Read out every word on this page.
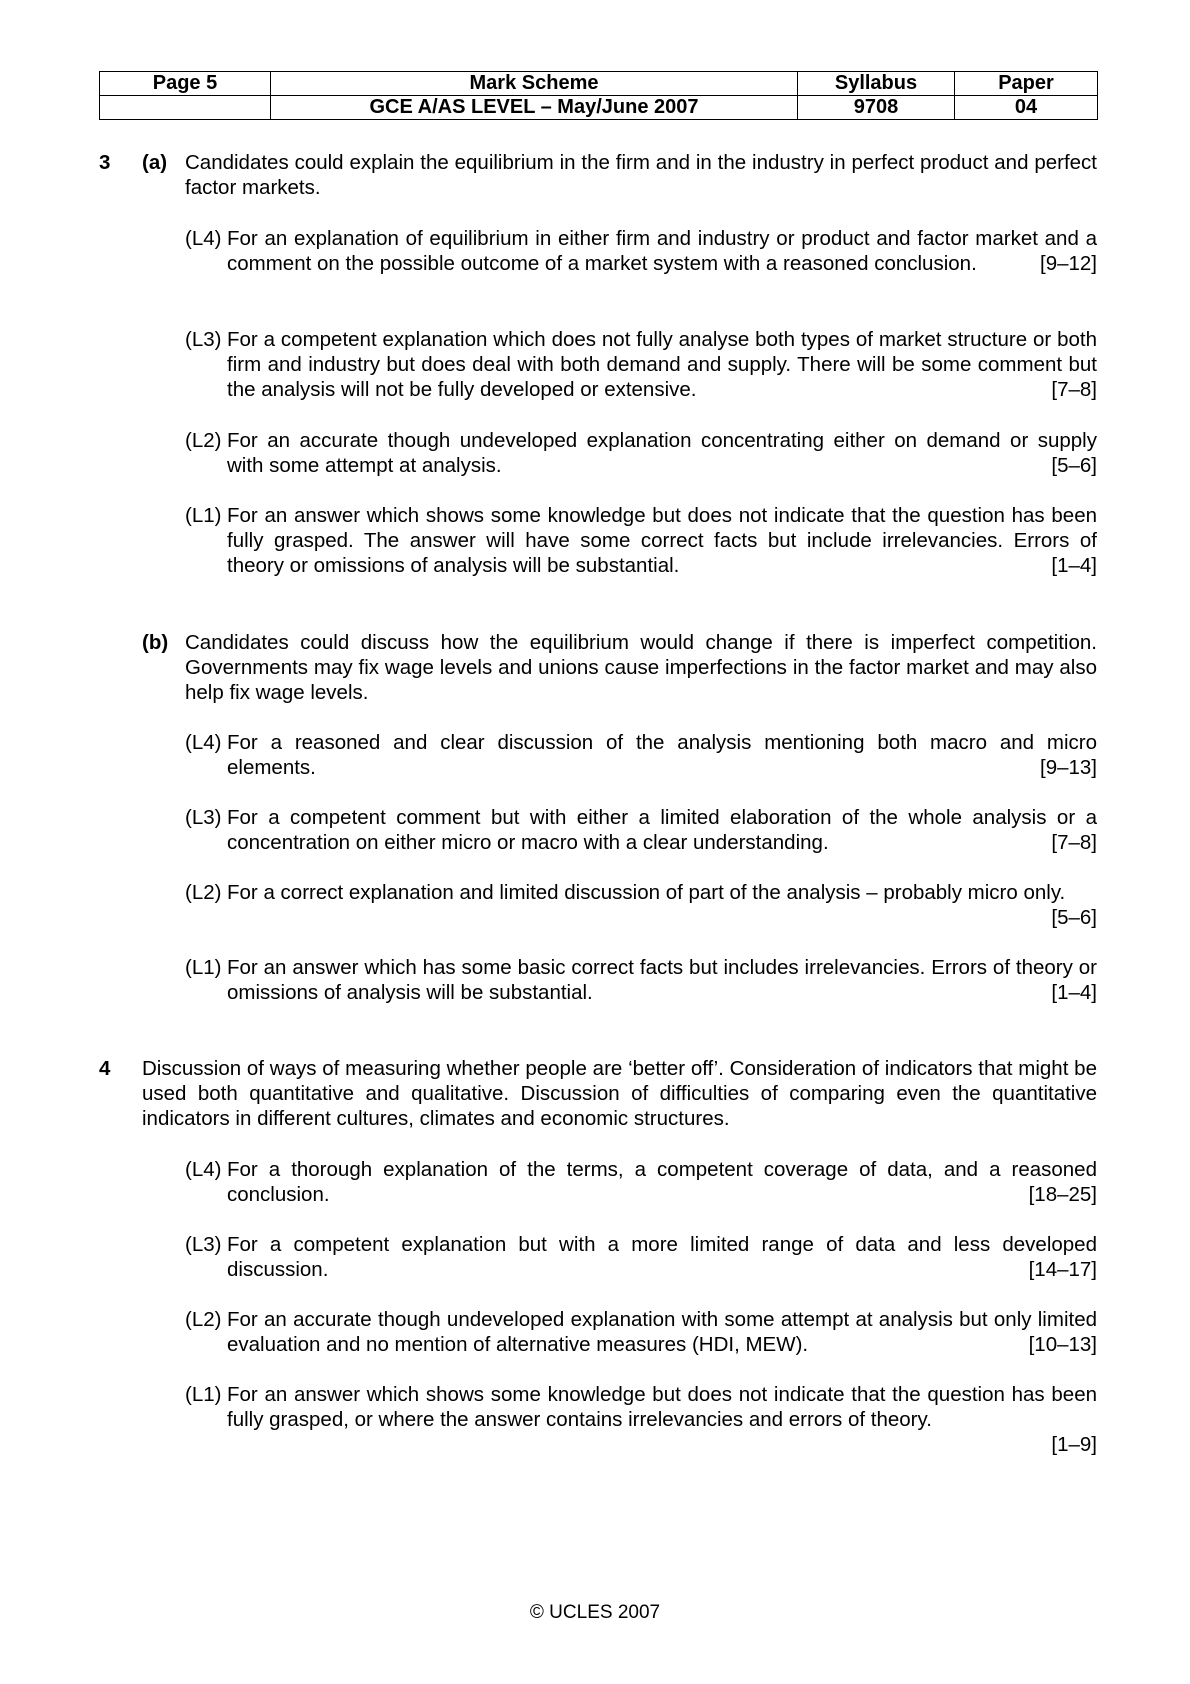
Page 5	Mark Scheme	Syllabus	Paper
	GCE A/AS LEVEL – May/June 2007	9708	04
3 (a) Candidates could explain the equilibrium in the firm and in the industry in perfect product and perfect factor markets.
(L4) For an explanation of equilibrium in either firm and industry or product and factor market and a comment on the possible outcome of a market system with a reasoned conclusion.	[9–12]
(L3) For a competent explanation which does not fully analyse both types of market structure or both firm and industry but does deal with both demand and supply. There will be some comment but the analysis will not be fully developed or extensive.	[7–8]
(L2) For an accurate though undeveloped explanation concentrating either on demand or supply with some attempt at analysis.	[5–6]
(L1) For an answer which shows some knowledge but does not indicate that the question has been fully grasped. The answer will have some correct facts but include irrelevancies. Errors of theory or omissions of analysis will be substantial.	[1–4]
(b) Candidates could discuss how the equilibrium would change if there is imperfect competition. Governments may fix wage levels and unions cause imperfections in the factor market and may also help fix wage levels.
(L4) For a reasoned and clear discussion of the analysis mentioning both macro and micro elements.	[9–13]
(L3) For a competent comment but with either a limited elaboration of the whole analysis or a concentration on either micro or macro with a clear understanding.	[7–8]
(L2) For a correct explanation and limited discussion of part of the analysis – probably micro only.
[5–6]
(L1) For an answer which has some basic correct facts but includes irrelevancies. Errors of theory or omissions of analysis will be substantial.	[1–4]
4 Discussion of ways of measuring whether people are ‘better off’. Consideration of indicators that might be used both quantitative and qualitative. Discussion of difficulties of comparing even the quantitative indicators in different cultures, climates and economic structures.
(L4) For a thorough explanation of the terms, a competent coverage of data, and a reasoned conclusion.	[18–25]
(L3) For a competent explanation but with a more limited range of data and less developed discussion.	[14–17]
(L2) For an accurate though undeveloped explanation with some attempt at analysis but only limited evaluation and no mention of alternative measures (HDI, MEW).	[10–13]
(L1) For an answer which shows some knowledge but does not indicate that the question has been fully grasped, or where the answer contains irrelevancies and errors of theory.
[1–9]
© UCLES 2007
